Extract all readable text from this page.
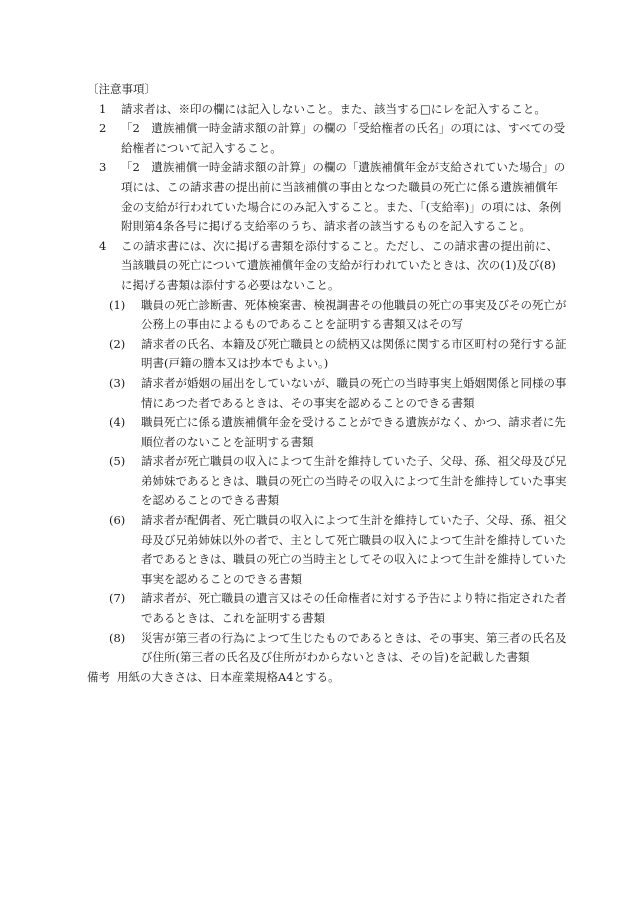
〔注意事項〕
1	請求者は、※印の欄には記入しないこと。また、該当する□にレを記入すること。
2	「2　遺族補償一時金請求額の計算」の欄の「受給権者の氏名」の項には、すべての受給権者について記入すること。
3	「2　遺族補償一時金請求額の計算」の欄の「遺族補償年金が支給されていた場合」の項には、この請求書の提出前に当該補償の事由となつた職員の死亡に係る遺族補償年金の支給が行われていた場合にのみ記入すること。また、「(支給率)」の項には、条例附則第4条各号に掲げる支給率のうち、請求者の該当するものを記入すること。
4	この請求書には、次に掲げる書類を添付すること。ただし、この請求書の提出前に、当該職員の死亡について遺族補償年金の支給が行われていたときは、次の(1)及び(8)に掲げる書類は添付する必要はないこと。
(1)	職員の死亡診断書、死体検案書、検視調書その他職員の死亡の事実及びその死亡が公務上の事由によるものであることを証明する書類又はその写
(2)	請求者の氏名、本籍及び死亡職員との続柄又は関係に関する市区町村の発行する証明書(戸籍の謄本又は抄本でもよい。)
(3)	請求者が婚姻の届出をしていないが、職員の死亡の当時事実上婚姻関係と同様の事情にあつた者であるときは、その事実を認めることのできる書類
(4)	職員死亡に係る遺族補償年金を受けることができる遺族がなく、かつ、請求者に先順位者のないことを証明する書類
(5)	請求者が死亡職員の収入によつて生計を維持していた子、父母、孫、祖父母及び兄弟姉妹であるときは、職員の死亡の当時その収入によつて生計を維持していた事実を認めることのできる書類
(6)	請求者が配偶者、死亡職員の収入によつて生計を維持していた子、父母、孫、祖父母及び兄弟姉妹以外の者で、主として死亡職員の収入によつて生計を維持していた者であるときは、職員の死亡の当時主としてその収入によつて生計を維持していた事実を認めることのできる書類
(7)	請求者が、死亡職員の遺言又はその任命権者に対する予告により特に指定された者であるときは、これを証明する書類
(8)	災害が第三者の行為によつて生じたものであるときは、その事実、第三者の氏名及び住所(第三者の氏名及び住所がわからないときは、その旨)を記載した書類
備考 用紙の大きさは、日本産業規格A4とする。
